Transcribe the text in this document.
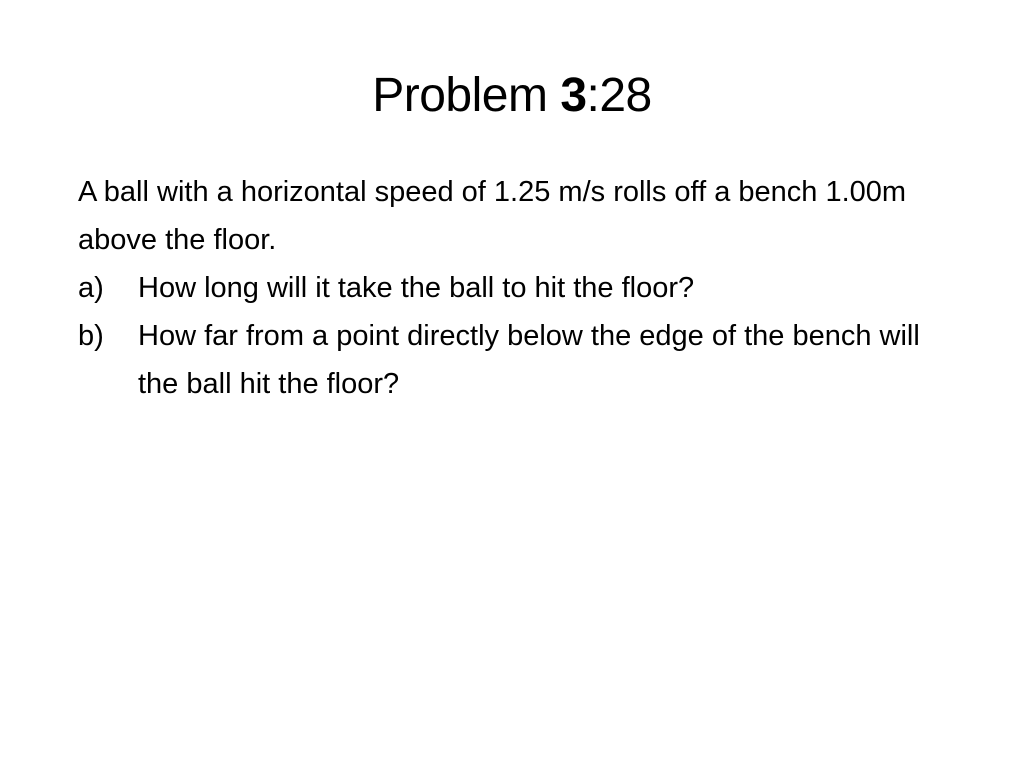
Problem 3:28

A ball with a horizontal speed of 1.25 m/s rolls off a bench 1.00m above the floor.

a) How long will it take the ball to hit the floor?
b) How far from a point directly below the edge of the bench will the ball hit the floor?
